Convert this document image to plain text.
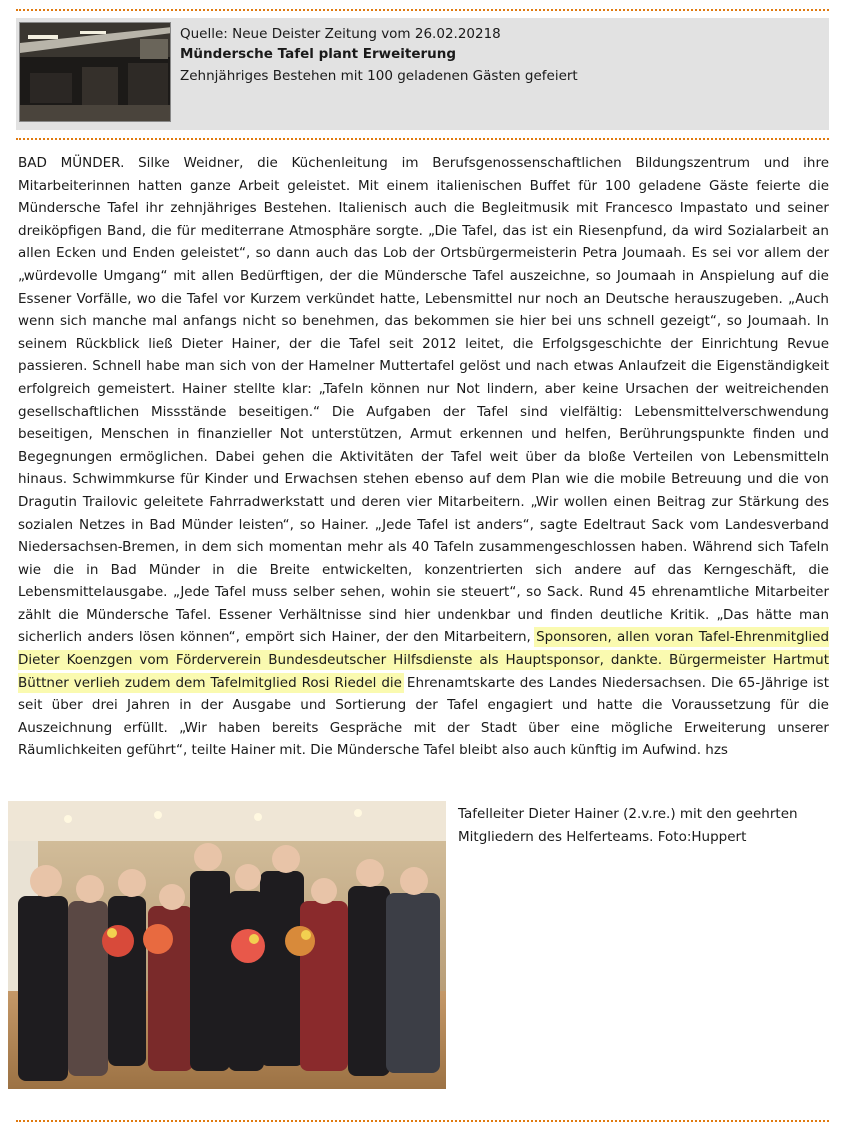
Quelle: Neue Deister Zeitung vom 26.02.20218
Mündersche Tafel plant Erweiterung
Zehnjähriges Bestehen mit 100 geladenen Gästen gefeiert

BAD MÜNDER. Silke Weidner, die Küchenleitung im Berufsgenossenschaftlichen Bildungszentrum und ihre Mitarbeiterinnen hatten ganze Arbeit geleistet. Mit einem italienischen Buffet für 100 geladene Gäste feierte die Mündersche Tafel ihr zehnjähriges Bestehen. Italienisch auch die Begleitmusik mit Francesco Impastato und seiner dreiköpfigen Band, die für mediterrane Atmosphäre sorgte. „Die Tafel, das ist ein Riesenpfund, da wird Sozialarbeit an allen Ecken und Enden geleistet“, so dann auch das Lob der Ortsbürgermeisterin Petra Joumaah. Es sei vor allem der „würdevolle Umgang“ mit allen Bedürftigen, der die Mündersche Tafel auszeichne, so Joumaah in Anspielung auf die Essener Vorfälle, wo die Tafel vor Kurzem verkündet hatte, Lebensmittel nur noch an Deutsche herauszugeben. „Auch wenn sich manche mal anfangs nicht so benehmen, das bekommen sie hier bei uns schnell gezeigt“, so Joumaah. In seinem Rückblick ließ Dieter Hainer, der die Tafel seit 2012 leitet, die Erfolgsgeschichte der Einrichtung Revue passieren. Schnell habe man sich von der Hamelner Muttertafel gelöst und nach etwas Anlaufzeit die Eigenständigkeit erfolgreich gemeistert. Hainer stellte klar: „Tafeln können nur Not lindern, aber keine Ursachen der weitreichenden gesellschaftlichen Missstände beseitigen.“ Die Aufgaben der Tafel sind vielfältig: Lebensmittelverschwendung beseitigen, Menschen in finanzieller Not unterstützen, Armut erkennen und helfen, Berührungspunkte finden und Begegnungen ermöglichen. Dabei gehen die Aktivitäten der Tafel weit über da bloße Verteilen von Lebensmitteln hinaus. Schwimmkurse für Kinder und Erwachsen stehen ebenso auf dem Plan wie die mobile Betreuung und die von Dragutin Trailovic geleitete Fahrradwerkstatt und deren vier Mitarbeitern. „Wir wollen einen Beitrag zur Stärkung des sozialen Netzes in Bad Münder leisten“, so Hainer. „Jede Tafel ist anders“, sagte Edeltraut Sack vom Landesverband Niedersachsen-Bremen, in dem sich momentan mehr als 40 Tafeln zusammengeschlossen haben. Während sich Tafeln wie die in Bad Münder in die Breite entwickelten, konzentrierten sich andere auf das Kerngeschäft, die Lebensmittelausgabe. „Jede Tafel muss selber sehen, wohin sie steuert“, so Sack. Rund 45 ehrenamtliche Mitarbeiter zählt die Mündersche Tafel. Essener Verhältnisse sind hier undenkbar und finden deutliche Kritik. „Das hätte man sicherlich anders lösen können“, empört sich Hainer, der den Mitarbeitern, Sponsoren, allen voran Tafel-Ehrenmitglied Dieter Koenzgen vom Förderverein Bundesdeutscher Hilfsdienste als Hauptsponsor, dankte. Bürgermeister Hartmut Büttner verlieh zudem dem Tafelmitglied Rosi Riedel die Ehrenamtskarte des Landes Niedersachsen. Die 65-Jährige ist seit über drei Jahren in der Ausgabe und Sortierung der Tafel engagiert und hatte die Voraussetzung für die Auszeichnung erfüllt. „Wir haben bereits Gespräche mit der Stadt über eine mögliche Erweiterung unserer Räumlichkeiten geführt“, teilte Hainer mit. Die Mündersche Tafel bleibt also auch künftig im Aufwind. hzs

Tafelleiter Dieter Hainer (2.v.re.) mit den geehrten Mitgliedern des Helferteams. Foto:Huppert
